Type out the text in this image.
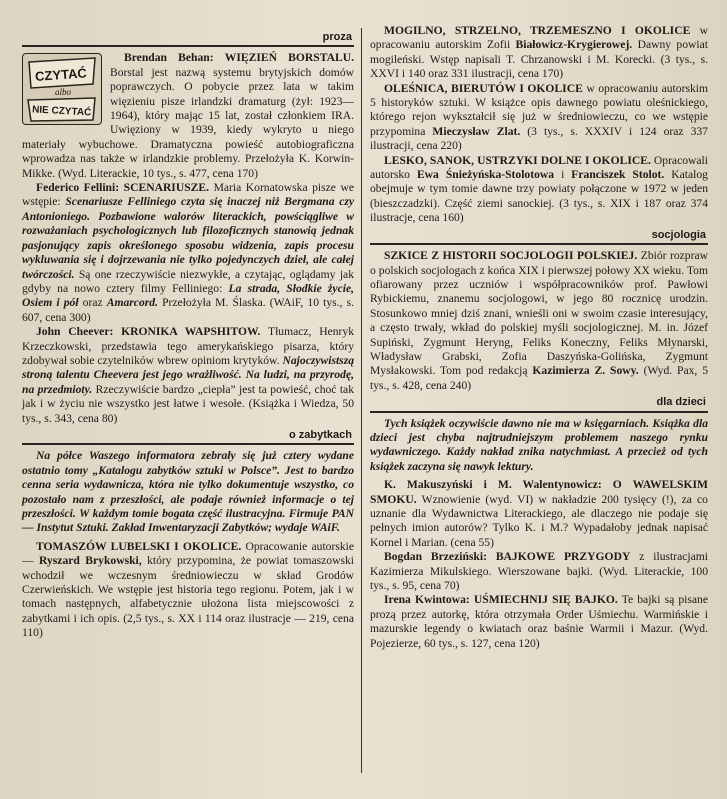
proza
CZYTAĆ
albo
NIE CZYTAĆ

Brendan Behan: WIĘZIEŃ BORSTALU. Borstal jest nazwą systemu brytyjskich domów poprawczych. O pobycie przez lata w takim więzieniu pisze irlandzki dramaturg (żył: 1923—1964), który mając 15 lat, został członkiem IRA. Uwięziony w 1939, kiedy wykryto u niego materiały wybuchowe. Dramatyczna powieść autobiograficzna wprowadza nas także w irlandzkie problemy. Przełożyła K. Korwin-Mikke. (Wyd. Literackie, 10 tys., s. 477, cena 170)

Federico Fellini: SCENARIUSZE. Maria Kornatowska pisze we wstępie: Scenariusze Felliniego czyta się inaczej niż Bergmana czy Antonioniego. Pozbawione walorów literackich, powściągliwe w rozważaniach psychologicznych lub filozoficznych stanowią jednak pasjonujący zapis określonego sposobu widzenia, zapis procesu wykluwania się i dojrzewania nie tylko pojedynczych dzieł, ale całej twórczości. Są one rzeczywiście niezwykłe, a czytając, oglądamy jak gdyby na nowo cztery filmy Felliniego: La strada, Słodkie życie, Osiem i pół oraz Amarcord. Przełożyła M. Ślaska. (WAiF, 10 tys., s. 607, cena 300)

John Cheever: KRONIKA WAPSHITOW. Tłumacz, Henryk Krzeczkowski, przedstawia tego amerykańskiego pisarza, który zdobywał sobie czytelników wbrew opiniom krytyków. Najoczywistszą stroną talentu Cheevera jest jego wrażliwość. Na ludzi, na przyrodę, na przedmioty. Rzeczywiście bardzo „ciepła” jest ta powieść, choć tak jak i w życiu nie wszystko jest łatwe i wesołe. (Książka i Wiedza, 50 tys., s. 343, cena 80)

o zabytkach

Na półce Waszego informatora zebrały się już cztery wydane ostatnio tomy „Katalogu zabytków sztuki w Polsce”. Jest to bardzo cenna seria wydawnicza, która nie tylko dokumentuje wszystko, co pozostało nam z przeszłości, ale podaje również informacje o tej przeszłości. W każdym tomie bogata część ilustracyjna. Firmuje PAN — Instytut Sztuki. Zakład Inwentaryzacji Zabytków; wydaje WAiF.

TOMASZÓW LUBELSKI I OKOLICE. Opracowanie autorskie — Ryszard Brykowski, który przypomina, że powiat tomaszowski wchodził we wczesnym średniowieczu w skład Grodów Czerwieńskich. We wstępie jest historia tego regionu. Potem, jak i w tomach następnych, alfabetycznie ułożona lista miejscowości z zabytkami i ich opis. (2,5 tys., s. XX i 114 oraz ilustracje — 219, cena 110)

MOGILNO, STRZELNO, TRZEMESZNO I OKOLICE w opracowaniu autorskim Zofii Białowicz-Krygierowej. Dawny powiat mogileński. Wstęp napisali T. Chrzanowski i M. Korecki. (3 tys., s. XXVI i 140 oraz 331 ilustracji, cena 170)

OLEŚNICA, BIERUTÓW I OKOLICE w opracowaniu autorskim 5 historyków sztuki. W książce opis dawnego powiatu oleśnickiego, którego rejon wykształcił się już w średniowieczu, co we wstępie przypomina Mieczysław Zlat. (3 tys., s. XXXIV i 124 oraz 337 ilustracji, cena 220)

LESKO, SANOK, USTRZYKI DOLNE I OKOLICE. Opracowali autorsko Ewa Śnieżyńska-Stolotowa i Franciszek Stolot. Katalog obejmuje w tym tomie dawne trzy powiaty połączone w 1972 w jeden (bieszczadzki). Część ziemi sanockiej. (3 tys., s. XIX i 187 oraz 374 ilustracje, cena 160)

socjologia

SZKICE Z HISTORII SOCJOLOGII POLSKIEJ. Zbiór rozpraw o polskich socjologach z końca XIX i pierwszej połowy XX wieku. Tom ofiarowany przez uczniów i współpracowników prof. Pawłowi Rybickiemu, znanemu socjologowi, w jego 80 rocznicę urodzin. Stosunkowo mniej dziś znani, wnieśli oni w swoim czasie interesujący, a często trwały, wkład do polskiej myśli socjologicznej. M. in. Józef Supiński, Zygmunt Heryng, Feliks Koneczny, Feliks Młynarski, Władysław Grabski, Zofia Daszyńska-Golińska, Zygmunt Mysłakowski. Tom pod redakcją Kazimierza Z. Sowy. (Wyd. Pax, 5 tys., s. 428, cena 240)

dla dzieci

Tych książek oczywiście dawno nie ma w księgarniach. Książka dla dzieci jest chyba najtrudniejszym problemem naszego rynku wydawniczego. Każdy nakład znika natychmiast. A przecież od tych książek zaczyna się nawyk lektury.

K. Makuszyński i M. Walentynowicz: O WAWELSKIM SMOKU. Wznowienie (wyd. VI) w nakładzie 200 tysięcy (!), za co uznanie dla Wydawnictwa Literackiego, ale dlaczego nie podaje się pełnych imion autorów? Tylko K. i M.? Wypadałoby jednak napisać Kornel i Marian. (cena 55)

Bogdan Brzeziński: BAJKOWE PRZYGODY z ilustracjami Kazimierza Mikulskiego. Wierszowane bajki. (Wyd. Literackie, 100 tys., s. 95, cena 70)

Irena Kwintowa: UŚMIECHNIJ SIĘ BAJKO. Te bajki są pisane prozą przez autorkę, która otrzymała Order Uśmiechu. Warmińskie i mazurskie legendy o kwiatach oraz baśnie Warmii i Mazur. (Wyd. Pojezierze, 60 tys., s. 127, cena 120)
